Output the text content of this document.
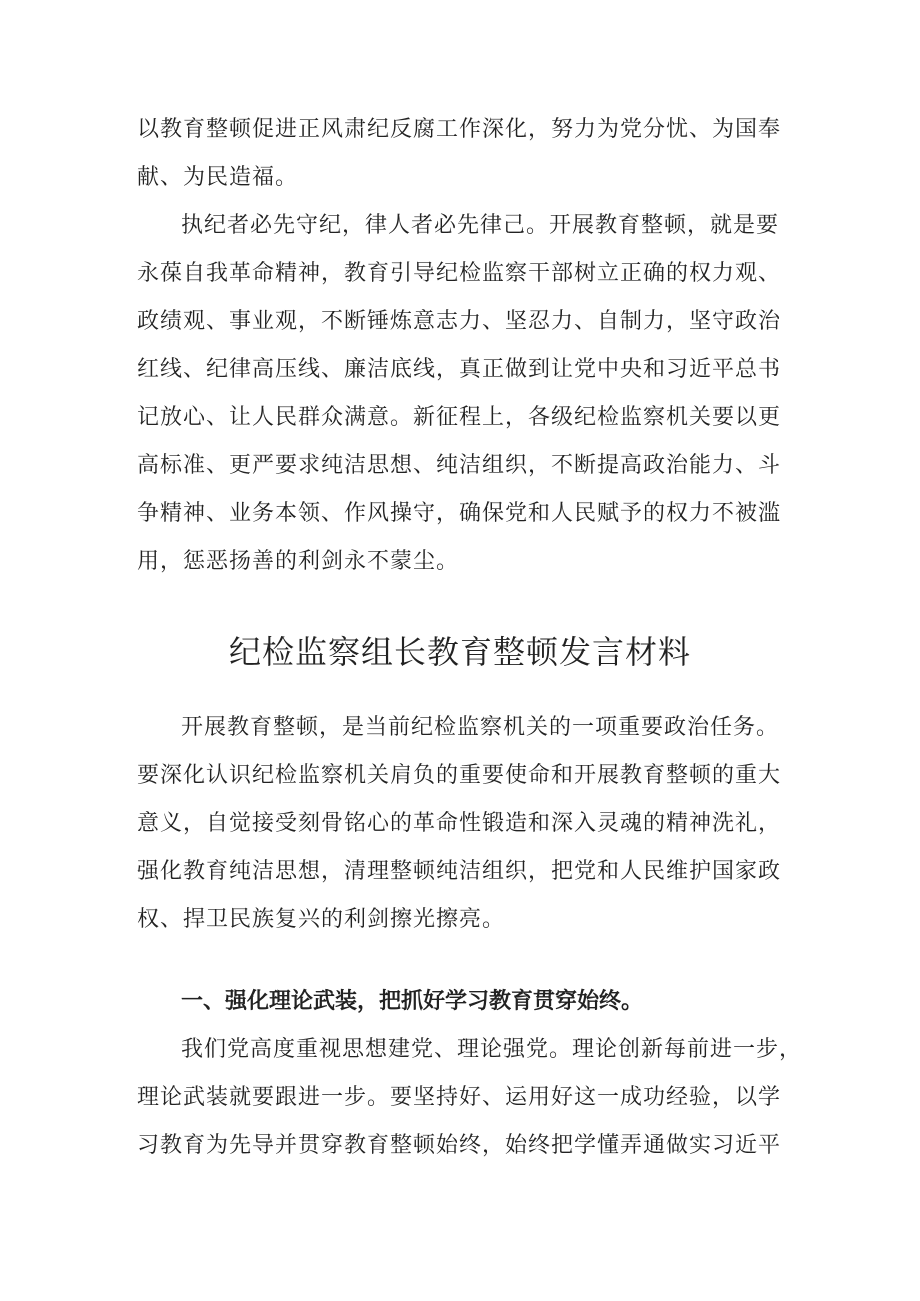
以教育整顿促进正风肃纪反腐工作深化，努力为党分忧、为国奉

献、为民造福。

执纪者必先守纪，律人者必先律己。开展教育整顿，就是要

永葆自我革命精神，教育引导纪检监察干部树立正确的权力观、

政绩观、事业观，不断锤炼意志力、坚忍力、自制力，坚守政治

红线、纪律高压线、廉洁底线，真正做到让党中央和习近平总书

记放心、让人民群众满意。新征程上，各级纪检监察机关要以更

高标准、更严要求纯洁思想、纯洁组织，不断提高政治能力、斗

争精神、业务本领、作风操守，确保党和人民赋予的权力不被滥

用，惩恶扬善的利剑永不蒙尘。

纪检监察组长教育整顿发言材料

开展教育整顿，是当前纪检监察机关的一项重要政治任务。

要深化认识纪检监察机关肩负的重要使命和开展教育整顿的重大

意义，自觉接受刻骨铭心的革命性锻造和深入灵魂的精神洗礼，

强化教育纯洁思想，清理整顿纯洁组织，把党和人民维护国家政

权、捍卫民族复兴的利剑擦光擦亮。

一、强化理论武装，把抓好学习教育贯穿始终。

我们党高度重视思想建党、理论强党。理论创新每前进一步，

理论武装就要跟进一步。要坚持好、运用好这一成功经验，以学

习教育为先导并贯穿教育整顿始终，始终把学懂弄通做实习近平
